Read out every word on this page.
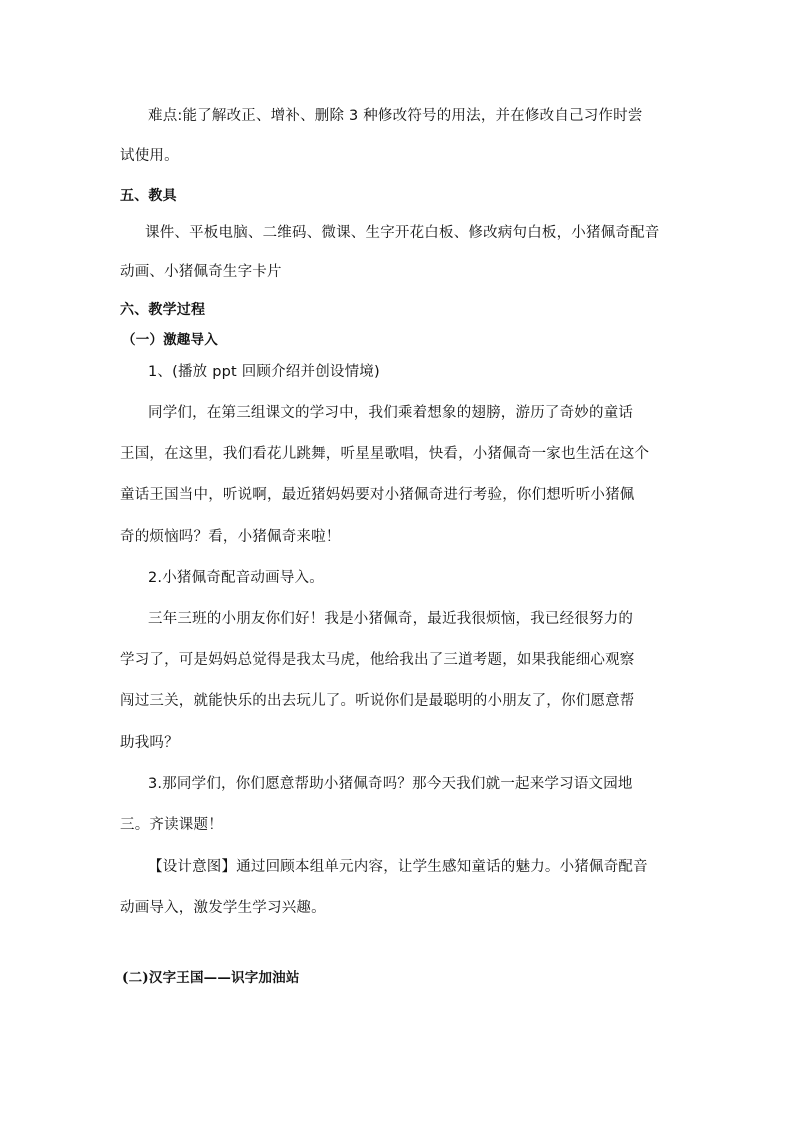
难点:能了解改正、增补、删除 3 种修改符号的用法，并在修改自己习作时尝
试使用。
五、教具
课件、平板电脑、二维码、微课、生字开花白板、修改病句白板，小猪佩奇配音
动画、小猪佩奇生字卡片
六、教学过程
（一）激趣导入
1、(播放 ppt 回顾介绍并创设情境)
同学们，在第三组课文的学习中，我们乘着想象的翅膀，游历了奇妙的童话
王国，在这里，我们看花儿跳舞，听星星歌唱，快看，小猪佩奇一家也生活在这个
童话王国当中，听说啊，最近猪妈妈要对小猪佩奇进行考验，你们想听听小猪佩
奇的烦恼吗？看，小猪佩奇来啦！
2.小猪佩奇配音动画导入。
三年三班的小朋友你们好！我是小猪佩奇，最近我很烦恼，我已经很努力的
学习了，可是妈妈总觉得是我太马虎，他给我出了三道考题，如果我能细心观察
闯过三关，就能快乐的出去玩儿了。听说你们是最聪明的小朋友了，你们愿意帮
助我吗？
3.那同学们，你们愿意帮助小猪佩奇吗？那今天我们就一起来学习语文园地
三。齐读课题！
【设计意图】通过回顾本组单元内容，让学生感知童话的魅力。小猪佩奇配音
动画导入，激发学生学习兴趣。
(二)汉字王国——识字加油站
